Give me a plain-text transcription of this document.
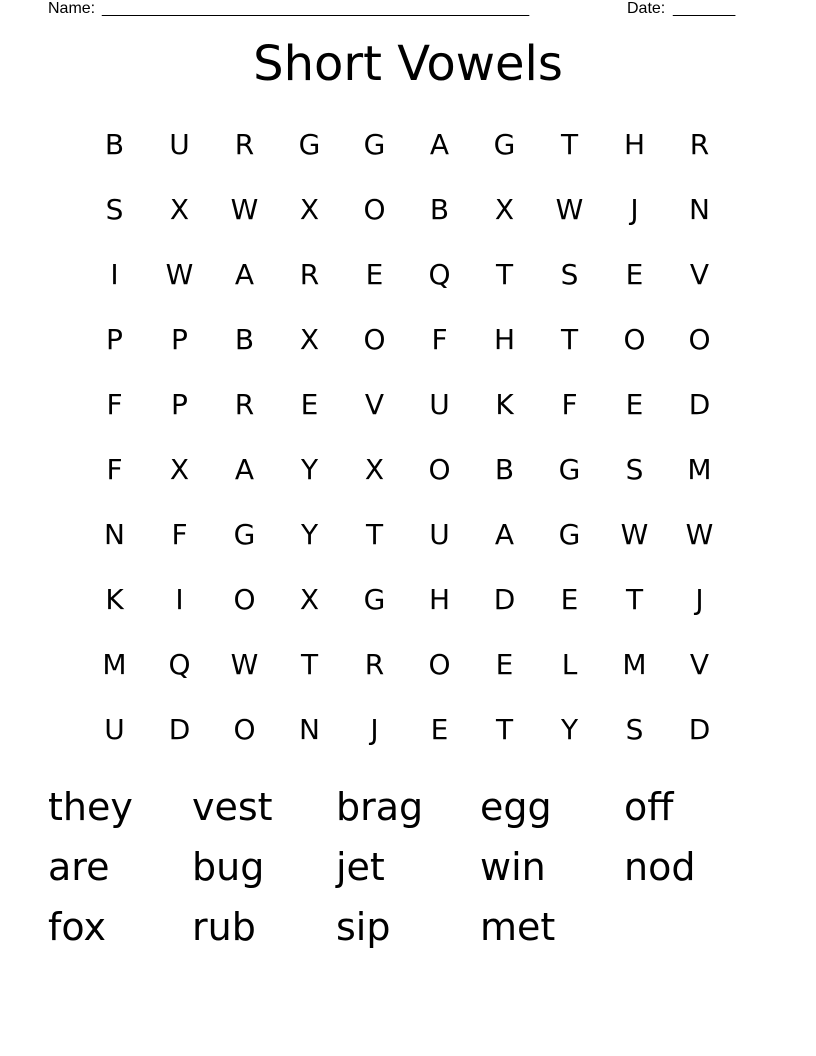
Name: ________________________________________________	Date: _______
Short Vowels
B	U	R	G	G	A	G	T	H	R
S	X	W	X	O	B	X	W	J	N
I	W	A	R	E	Q	T	S	E	V
P	P	B	X	O	F	H	T	O	O
F	P	R	E	V	U	K	F	E	D
F	X	A	Y	X	O	B	G	S	M
N	F	G	Y	T	U	A	G	W	W
K	I	O	X	G	H	D	E	T	J
M	Q	W	T	R	O	E	L	M	V
U	D	O	N	J	E	T	Y	S	D
they	vest	brag	egg	off
are	bug	jet	win	nod
fox	rub	sip	met
